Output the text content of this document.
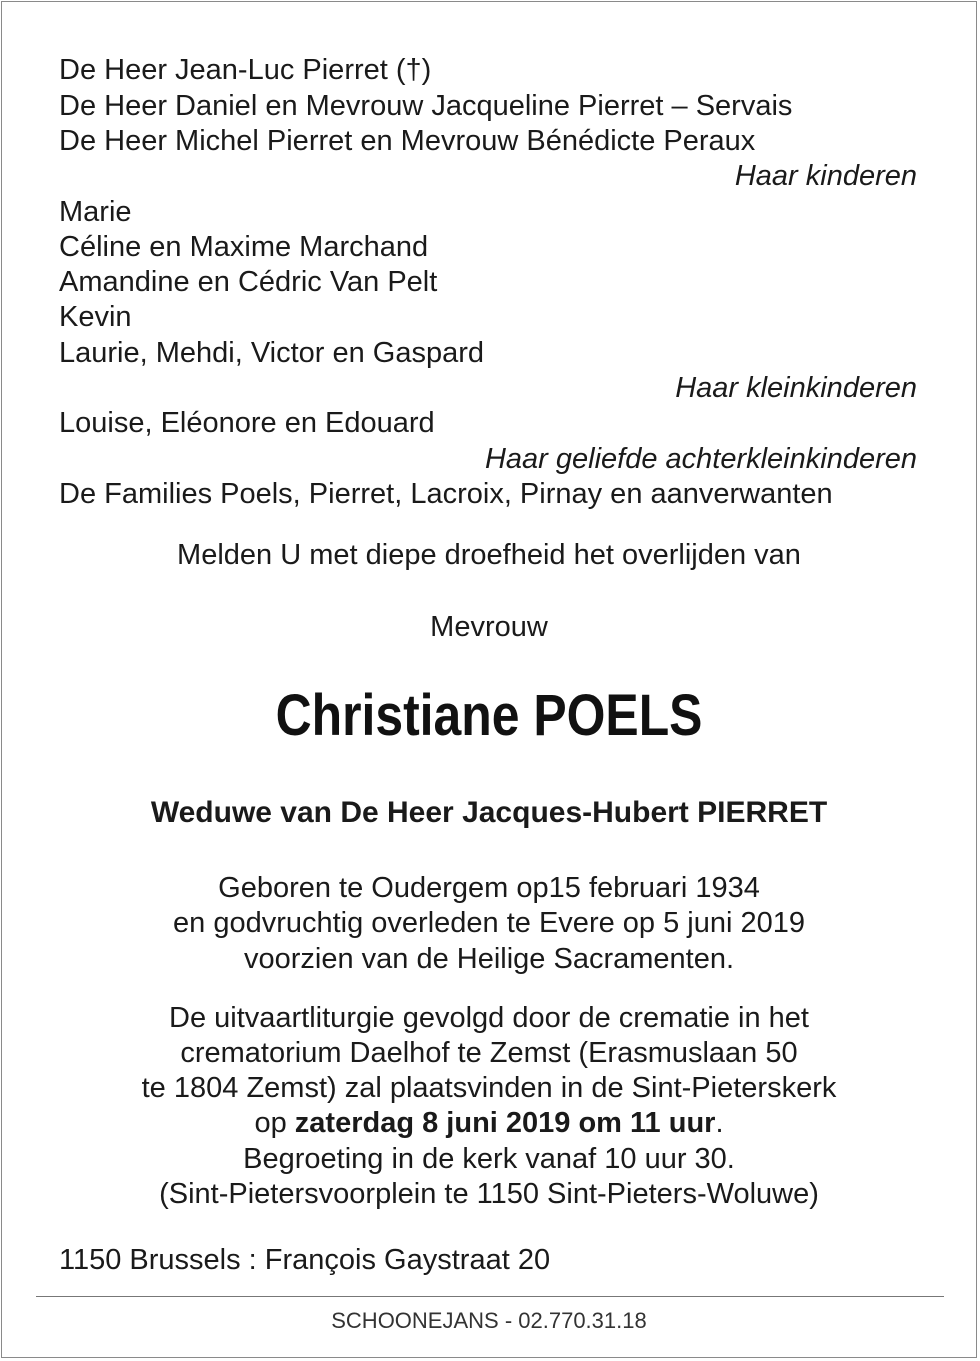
De Heer Jean-Luc Pierret (†)
De Heer Daniel en Mevrouw Jacqueline Pierret – Servais
De Heer Michel Pierret en Mevrouw Bénédicte Peraux
Haar kinderen
Marie
Céline en Maxime Marchand
Amandine en Cédric Van Pelt
Kevin
Laurie, Mehdi, Victor en Gaspard
Haar kleinkinderen
Louise, Eléonore en Edouard
Haar geliefde achterkleinkinderen
De Families Poels, Pierret, Lacroix, Pirnay en aanverwanten
Melden U met diepe droefheid het overlijden van
Mevrouw
Christiane POELS
Weduwe van De Heer Jacques-Hubert PIERRET
Geboren te Oudergem op15 februari 1934
en godvruchtig overleden te Evere op 5 juni 2019
voorzien van de Heilige Sacramenten.
De uitvaartliturgie gevolgd door de crematie in het
crematorium Daelhof te Zemst (Erasmuslaan 50
te 1804 Zemst) zal plaatsvinden in de Sint-Pieterskerk
op zaterdag 8 juni 2019 om 11 uur.
Begroeting in de kerk vanaf 10 uur 30.
(Sint-Pietersvoorplein te 1150 Sint-Pieters-Woluwe)
1150 Brussels : François Gaystraat 20
SCHOONEJANS - 02.770.31.18
